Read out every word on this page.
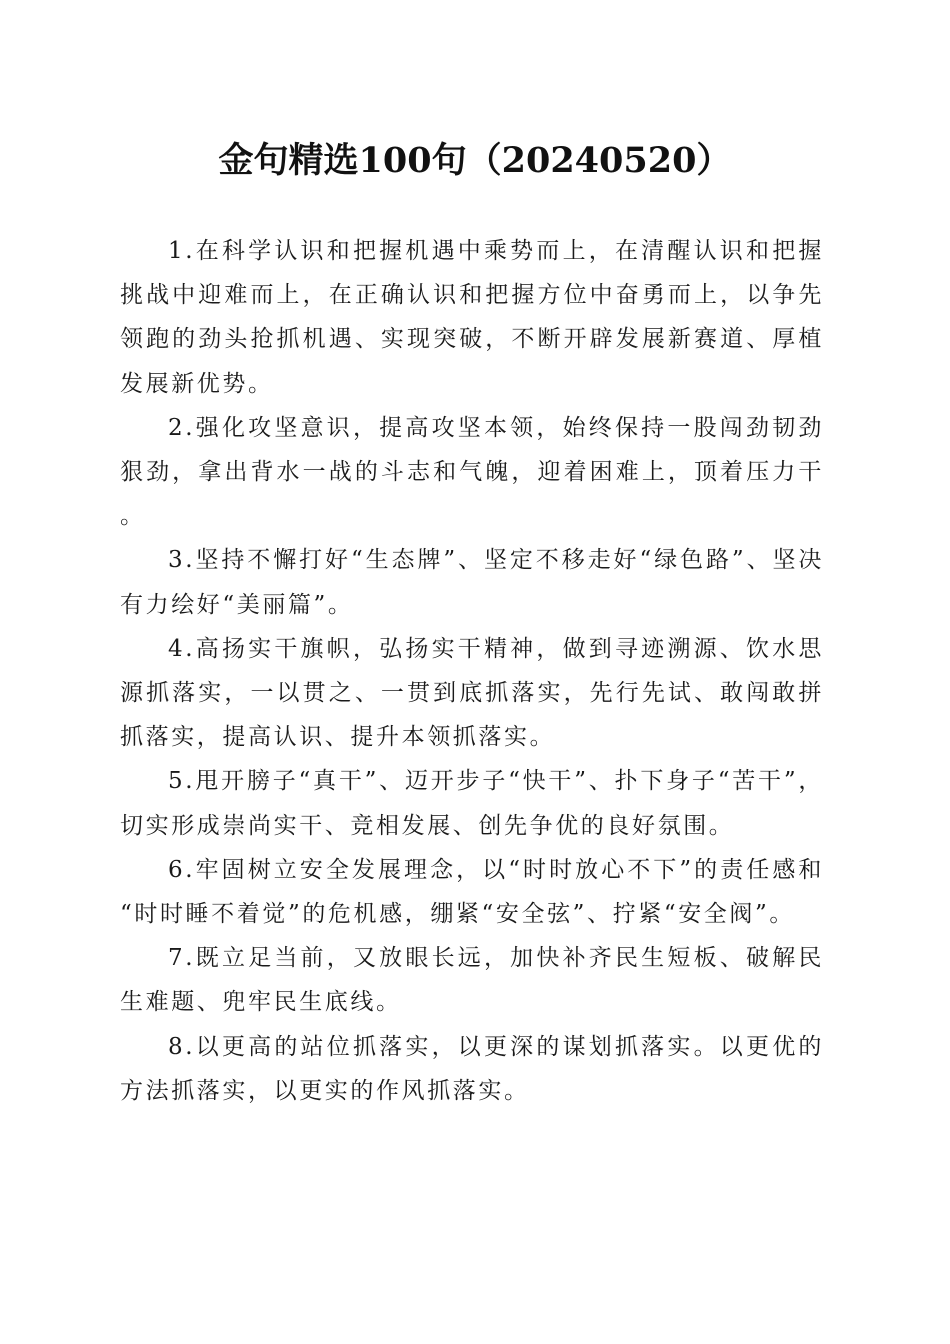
金句精选100句（20240520）

1.在科学认识和把握机遇中乘势而上，在清醒认识和把握挑战中迎难而上，在正确认识和把握方位中奋勇而上，以争先领跑的劲头抢抓机遇、实现突破，不断开辟发展新赛道、厚植发展新优势。

2.强化攻坚意识，提高攻坚本领，始终保持一股闯劲韧劲狠劲，拿出背水一战的斗志和气魄，迎着困难上，顶着压力干。

3.坚持不懈打好“生态牌”、坚定不移走好“绿色路”、坚决有力绘好“美丽篇”。

4.高扬实干旗帜，弘扬实干精神，做到寻迹溯源、饮水思源抓落实，一以贯之、一贯到底抓落实，先行先试、敢闯敢拼抓落实，提高认识、提升本领抓落实。

5.甩开膀子“真干”、迈开步子“快干”、扑下身子“苦干”，切实形成崇尚实干、竞相发展、创先争优的良好氛围。

6.牢固树立安全发展理念，以“时时放心不下”的责任感和“时时睡不着觉”的危机感，绷紧“安全弦”、拧紧“安全阀”。

7.既立足当前，又放眼长远，加快补齐民生短板、破解民生难题、兜牢民生底线。

8.以更高的站位抓落实，以更深的谋划抓落实。以更优的方法抓落实，以更实的作风抓落实。
